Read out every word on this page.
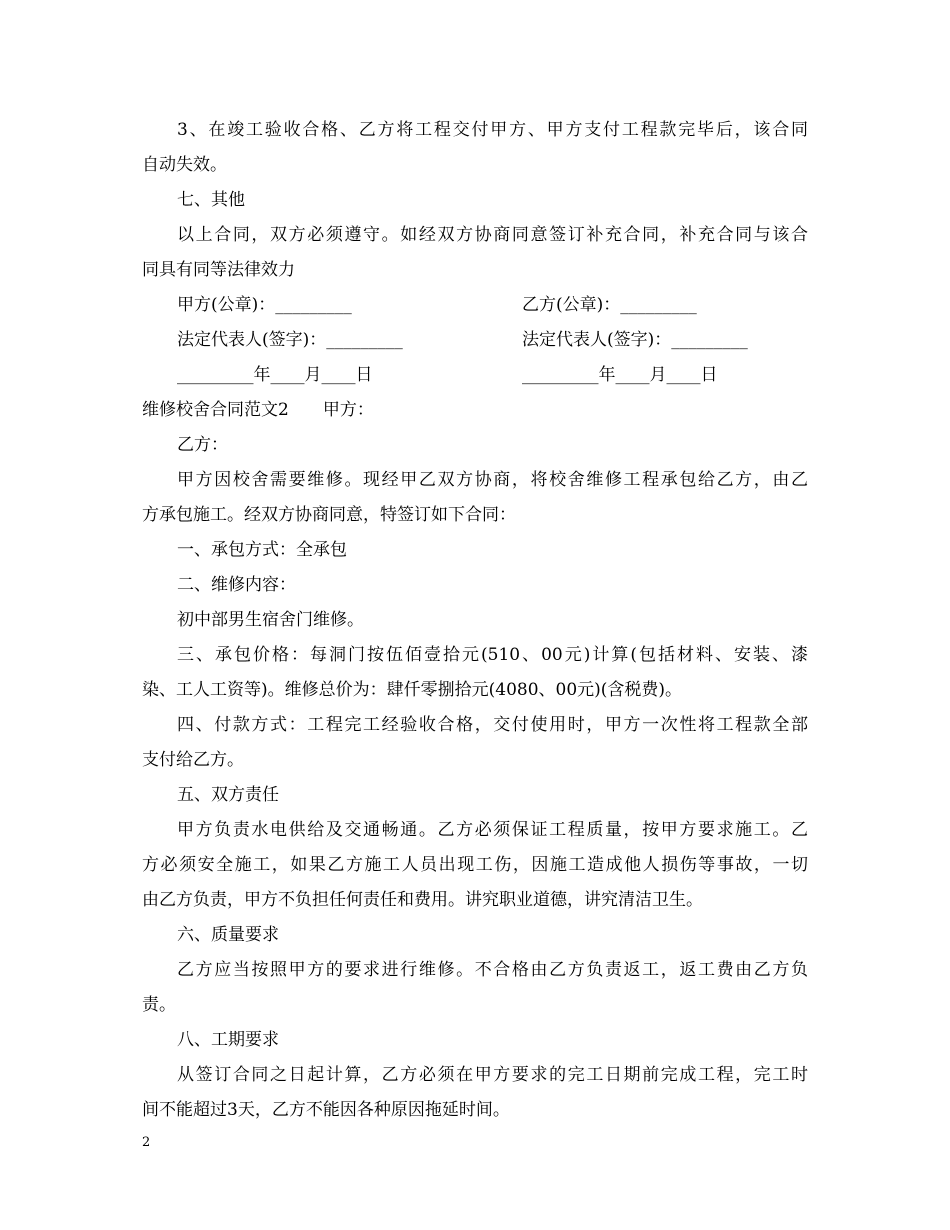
3、在竣工验收合格、乙方将工程交付甲方、甲方支付工程款完毕后，该合同
自动失效。
七、其他
以上合同，双方必须遵守。如经双方协商同意签订补充合同，补充合同与该合
同具有同等法律效力
甲方(公章)：_________	乙方(公章)：_________
法定代表人(签字)：_________	法定代表人(签字)：_________
_________年____月____日	_________年____月____日
维修校舍合同范文2　　甲方：
乙方：
甲方因校舍需要维修。现经甲乙双方协商，将校舍维修工程承包给乙方，由乙
方承包施工。经双方协商同意，特签订如下合同：
一、承包方式：全承包
二、维修内容：
初中部男生宿舍门维修。
三、承包价格：每洞门按伍佰壹拾元(510、00元)计算(包括材料、安装、漆
染、工人工资等)。维修总价为：肆仟零捌拾元(4080、00元)(含税费)。
四、付款方式：工程完工经验收合格，交付使用时，甲方一次性将工程款全部
支付给乙方。
五、双方责任
甲方负责水电供给及交通畅通。乙方必须保证工程质量，按甲方要求施工。乙
方必须安全施工，如果乙方施工人员出现工伤，因施工造成他人损伤等事故，一切
由乙方负责，甲方不负担任何责任和费用。讲究职业道德，讲究清洁卫生。
六、质量要求
乙方应当按照甲方的要求进行维修。不合格由乙方负责返工，返工费由乙方负
责。
八、工期要求
从签订合同之日起计算，乙方必须在甲方要求的完工日期前完成工程，完工时
间不能超过3天，乙方不能因各种原因拖延时间。
2
